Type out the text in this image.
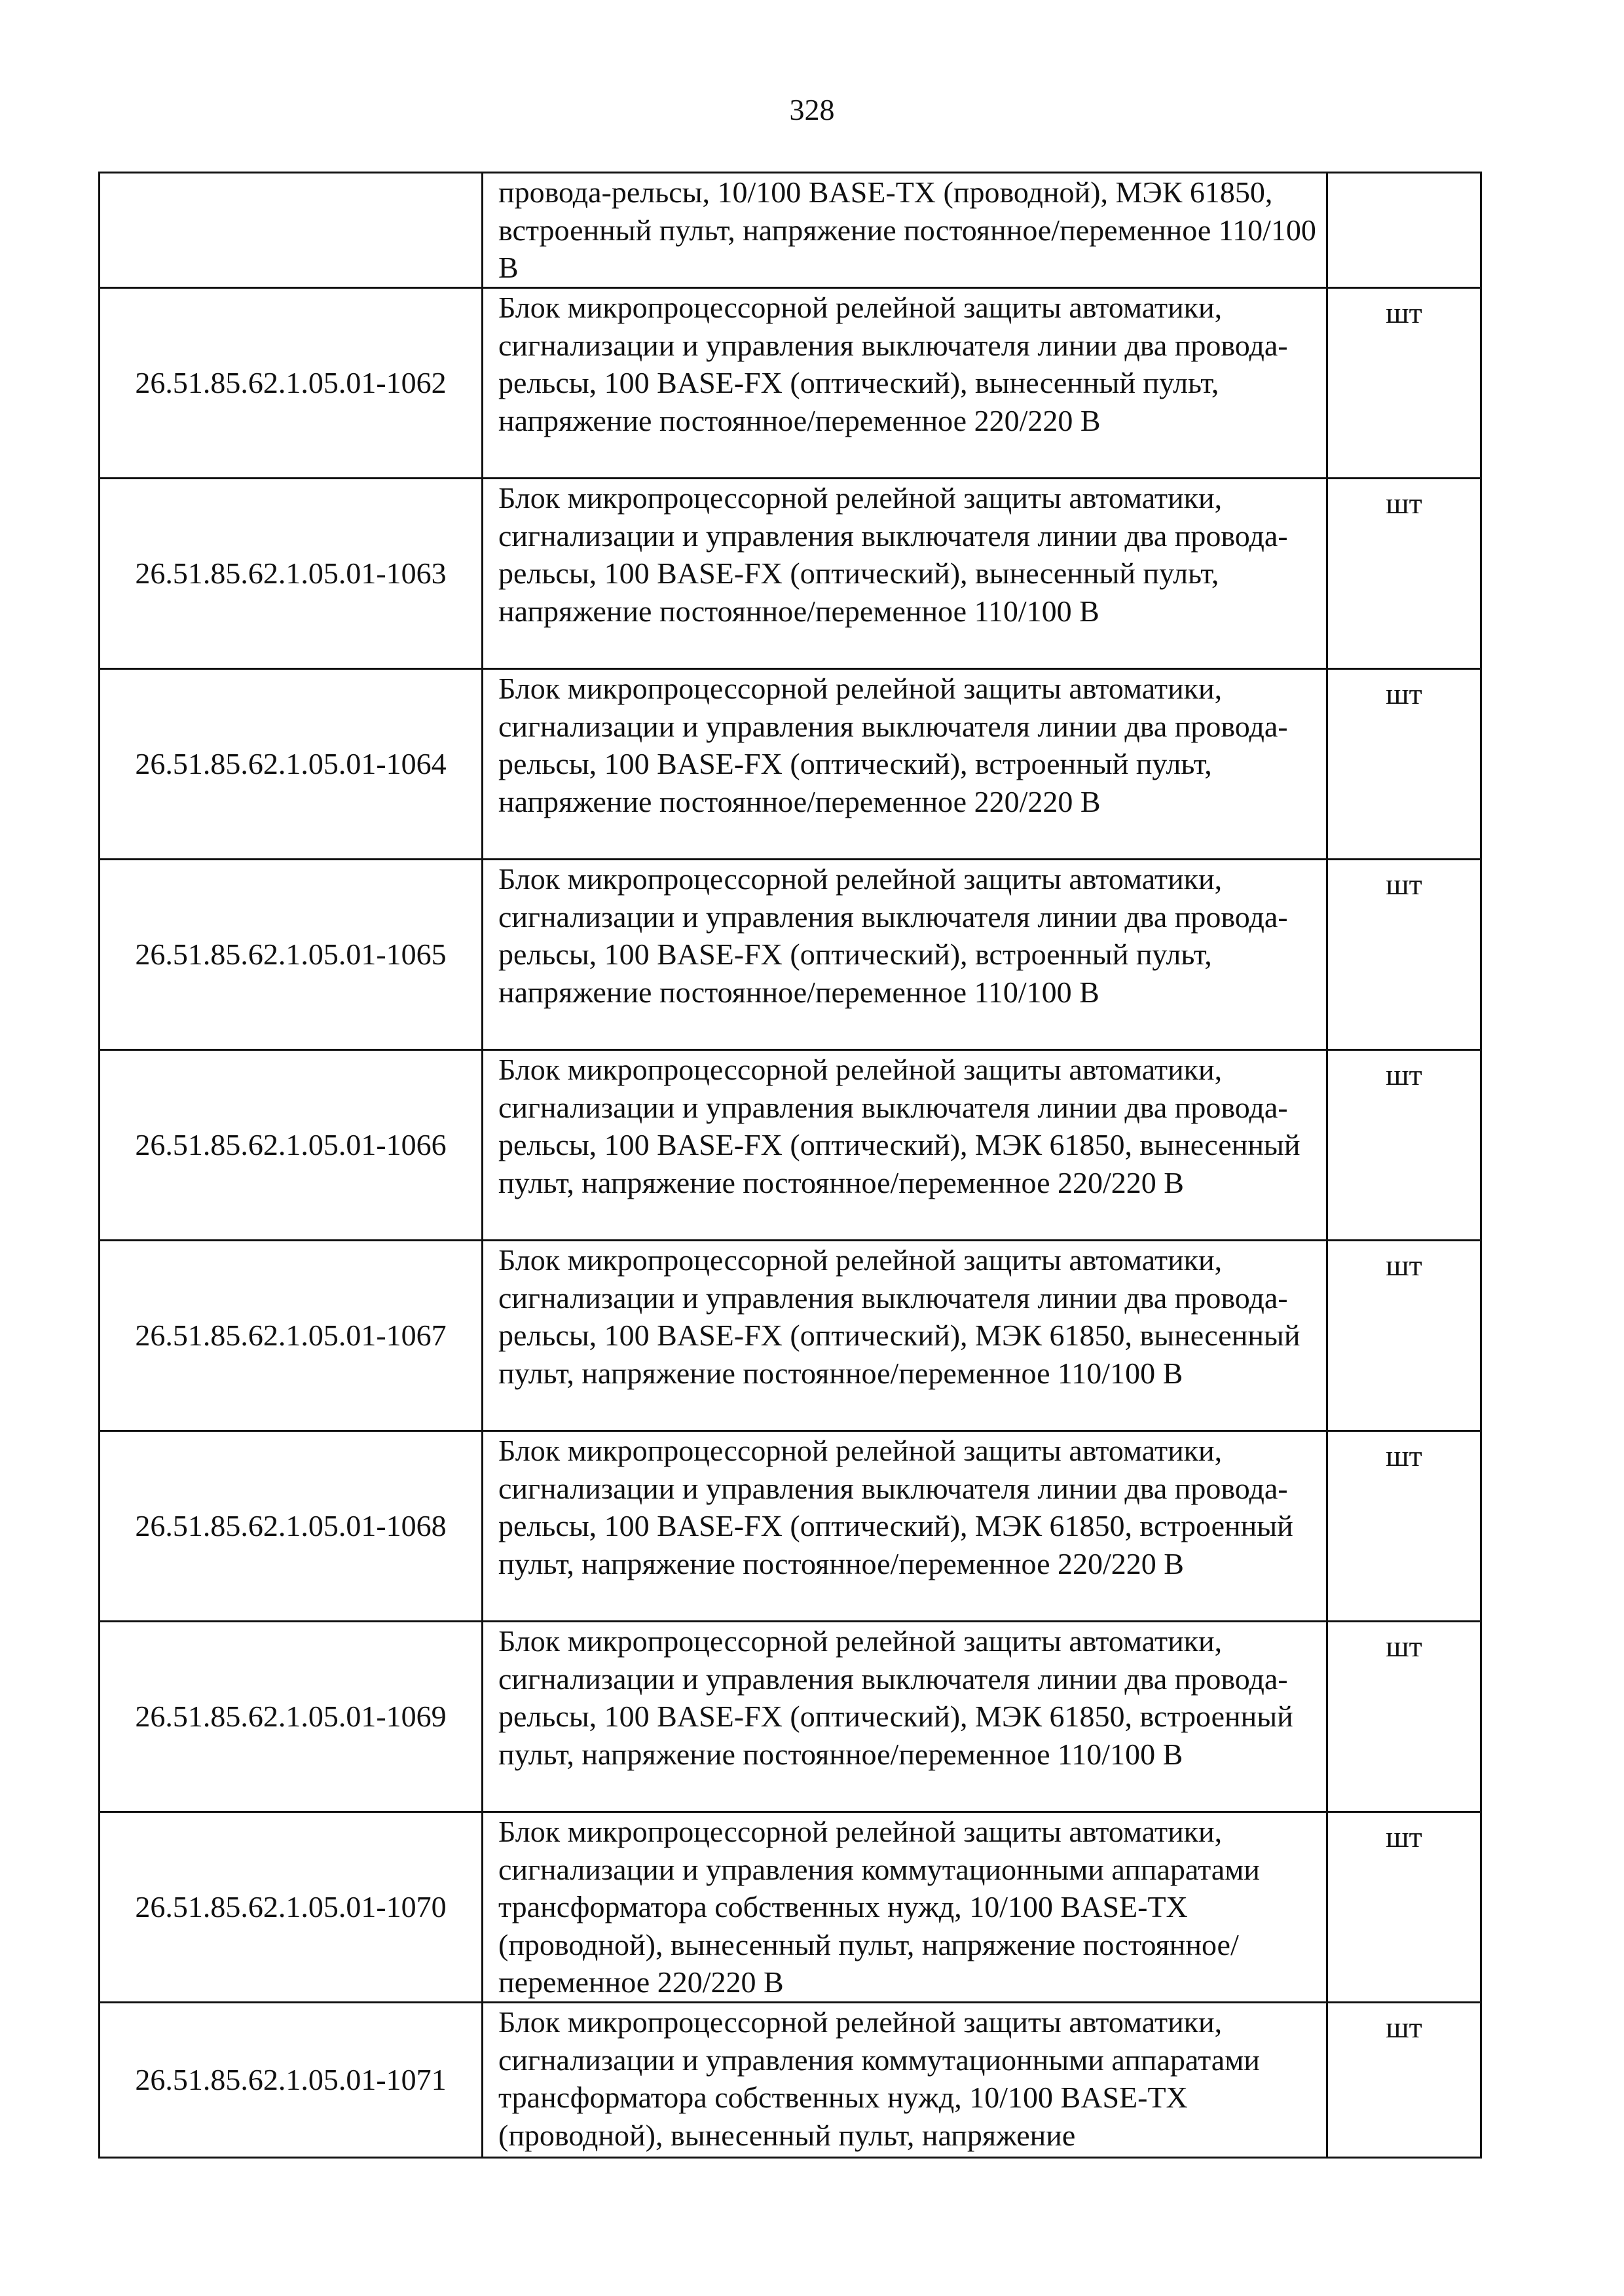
328
	провода-рельсы, 10/100 BASE-TX (проводной), МЭК 61850, встроенный пульт, напряжение постоянное/переменное 110/100 В	
26.51.85.62.1.05.01-1062	Блок микропроцессорной релейной защиты автоматики, сигнализации и управления выключателя линии два провода-рельсы, 100 BASE-FX (оптический), вынесенный пульт, напряжение постоянное/переменное 220/220 В	шт
26.51.85.62.1.05.01-1063	Блок микропроцессорной релейной защиты автоматики, сигнализации и управления выключателя линии два провода-рельсы, 100 BASE-FX (оптический), вынесенный пульт, напряжение постоянное/переменное 110/100 В	шт
26.51.85.62.1.05.01-1064	Блок микропроцессорной релейной защиты автоматики, сигнализации и управления выключателя линии два провода-рельсы, 100 BASE-FX (оптический), встроенный пульт, напряжение постоянное/переменное 220/220 В	шт
26.51.85.62.1.05.01-1065	Блок микропроцессорной релейной защиты автоматики, сигнализации и управления выключателя линии два провода-рельсы, 100 BASE-FX (оптический), встроенный пульт, напряжение постоянное/переменное 110/100 В	шт
26.51.85.62.1.05.01-1066	Блок микропроцессорной релейной защиты автоматики, сигнализации и управления выключателя линии два провода-рельсы, 100 BASE-FX (оптический), МЭК 61850, вынесенный пульт, напряжение постоянное/переменное 220/220 В	шт
26.51.85.62.1.05.01-1067	Блок микропроцессорной релейной защиты автоматики, сигнализации и управления выключателя линии два провода-рельсы, 100 BASE-FX (оптический), МЭК 61850, вынесенный пульт, напряжение постоянное/переменное 110/100 В	шт
26.51.85.62.1.05.01-1068	Блок микропроцессорной релейной защиты автоматики, сигнализации и управления выключателя линии два провода-рельсы, 100 BASE-FX (оптический), МЭК 61850, встроенный пульт, напряжение постоянное/переменное 220/220 В	шт
26.51.85.62.1.05.01-1069	Блок микропроцессорной релейной защиты автоматики, сигнализации и управления выключателя линии два провода-рельсы, 100 BASE-FX (оптический), МЭК 61850, встроенный пульт, напряжение постоянное/переменное 110/100 В	шт
26.51.85.62.1.05.01-1070	Блок микропроцессорной релейной защиты автоматики, сигнализации и управления коммутационными аппаратами трансформатора собственных нужд, 10/100 BASE-TX (проводной), вынесенный пульт, напряжение постоянное/переменное 220/220 В	шт
26.51.85.62.1.05.01-1071	Блок микропроцессорной релейной защиты автоматики, сигнализации и управления коммутационными аппаратами трансформатора собственных нужд, 10/100 BASE-TX (проводной), вынесенный пульт, напряжение	шт
